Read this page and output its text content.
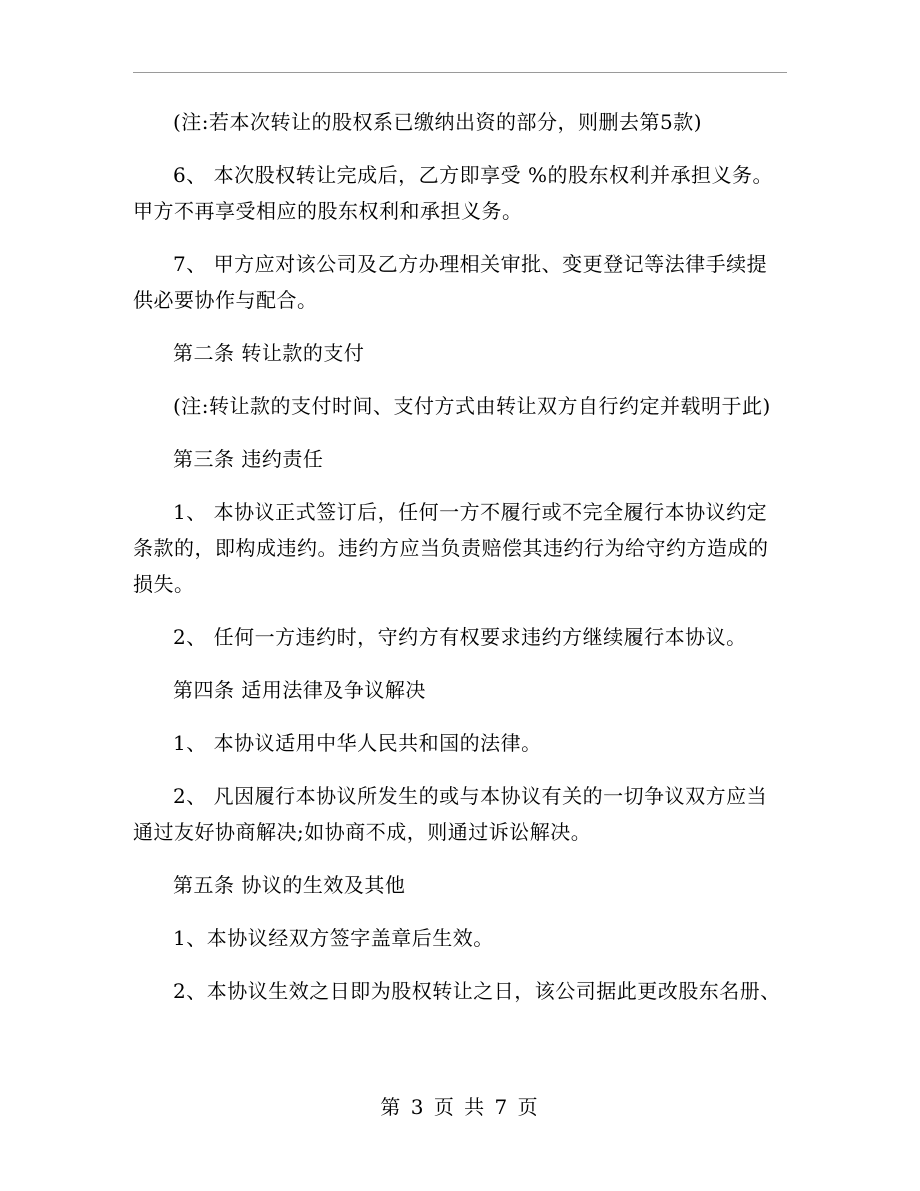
(注:若本次转让的股权系已缴纳出资的部分，则删去第5款)

6、 本次股权转让完成后，乙方即享受 %的股东权利并承担义务。甲方不再享受相应的股东权利和承担义务。

7、 甲方应对该公司及乙方办理相关审批、变更登记等法律手续提供必要协作与配合。

第二条 转让款的支付

(注:转让款的支付时间、支付方式由转让双方自行约定并载明于此)

第三条 违约责任

1、 本协议正式签订后，任何一方不履行或不完全履行本协议约定条款的，即构成违约。违约方应当负责赔偿其违约行为给守约方造成的损失。

2、 任何一方违约时，守约方有权要求违约方继续履行本协议。

第四条 适用法律及争议解决

1、 本协议适用中华人民共和国的法律。

2、 凡因履行本协议所发生的或与本协议有关的一切争议双方应当通过友好协商解决;如协商不成，则通过诉讼解决。

第五条 协议的生效及其他

1、本协议经双方签字盖章后生效。

2、本协议生效之日即为股权转让之日，该公司据此更改股东名册、

第 3 页 共 7 页
